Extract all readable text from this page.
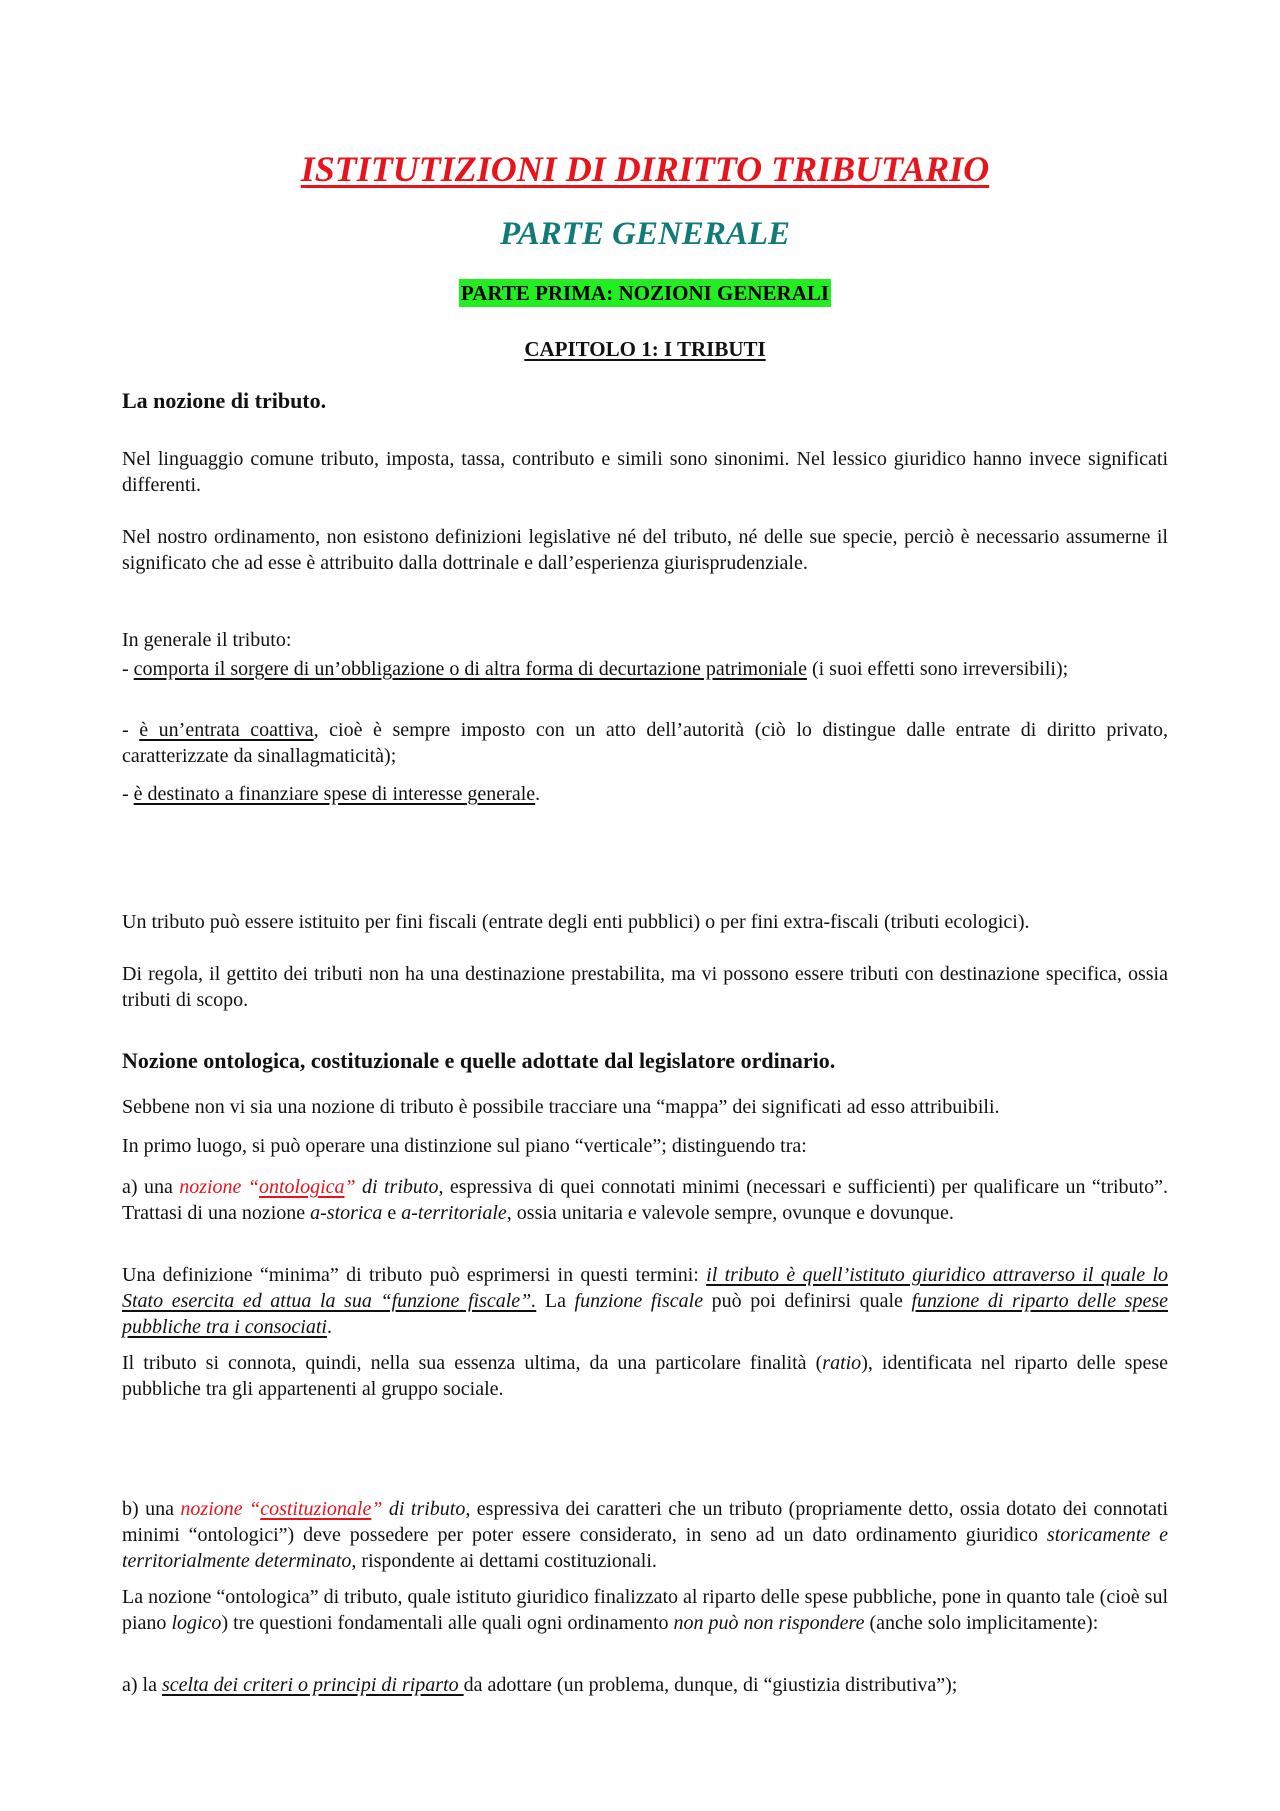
ISTITUTIZIONI DI DIRITTO TRIBUTARIO
PARTE GENERALE
PARTE PRIMA: NOZIONI GENERALI
CAPITOLO 1: I TRIBUTI
La nozione di tributo.

Nel linguaggio comune tributo, imposta, tassa, contributo e simili sono sinonimi. Nel lessico giuridico hanno invece significati differenti.

Nel nostro ordinamento, non esistono definizioni legislative né del tributo, né delle sue specie, perciò è necessario assumerne il significato che ad esse è attribuito dalla dottrinale e dall’esperienza giurisprudenziale.

In generale il tributo:

- comporta il sorgere di un’obbligazione o di altra forma di decurtazione patrimoniale (i suoi effetti sono irreversibili);

- è un’entrata coattiva, cioè è sempre imposto con un atto dell’autorità (ciò lo distingue dalle entrate di diritto privato, caratterizzate da sinallagmaticità);

- è destinato a finanziare spese di interesse generale.

Un tributo può essere istituito per fini fiscali (entrate degli enti pubblici) o per fini extra-fiscali (tributi ecologici).

Di regola, il gettito dei tributi non ha una destinazione prestabilita, ma vi possono essere tributi con destinazione specifica, ossia tributi di scopo.

Nozione ontologica, costituzionale e quelle adottate dal legislatore ordinario.

Sebbene non vi sia una nozione di tributo è possibile tracciare una “mappa” dei significati ad esso attribuibili.

In primo luogo, si può operare una distinzione sul piano “verticale”; distinguendo tra:

a) una nozione “ontologica” di tributo, espressiva di quei connotati minimi (necessari e sufficienti) per qualificare un “tributo”. Trattasi di una nozione a-storica e a-territoriale, ossia unitaria e valevole sempre, ovunque e dovunque.

Una definizione “minima” di tributo può esprimersi in questi termini: il tributo è quell’istituto giuridico attraverso il quale lo Stato esercita ed attua la sua “funzione fiscale”. La funzione fiscale può poi definirsi quale funzione di riparto delle spese pubbliche tra i consociati.

Il tributo si connota, quindi, nella sua essenza ultima, da una particolare finalità (ratio), identificata nel riparto delle spese pubbliche tra gli appartenenti al gruppo sociale.

b) una nozione “costituzionale” di tributo, espressiva dei caratteri che un tributo (propriamente detto, ossia dotato dei connotati minimi “ontologici”) deve possedere per poter essere considerato, in seno ad un dato ordinamento giuridico storicamente e territorialmente determinato, rispondente ai dettami costituzionali.

La nozione “ontologica” di tributo, quale istituto giuridico finalizzato al riparto delle spese pubbliche, pone in quanto tale (cioè sul piano logico) tre questioni fondamentali alle quali ogni ordinamento non può non rispondere (anche solo implicitamente):

a) la scelta dei criteri o principi di riparto da adottare (un problema, dunque, di “giustizia distributiva”);
